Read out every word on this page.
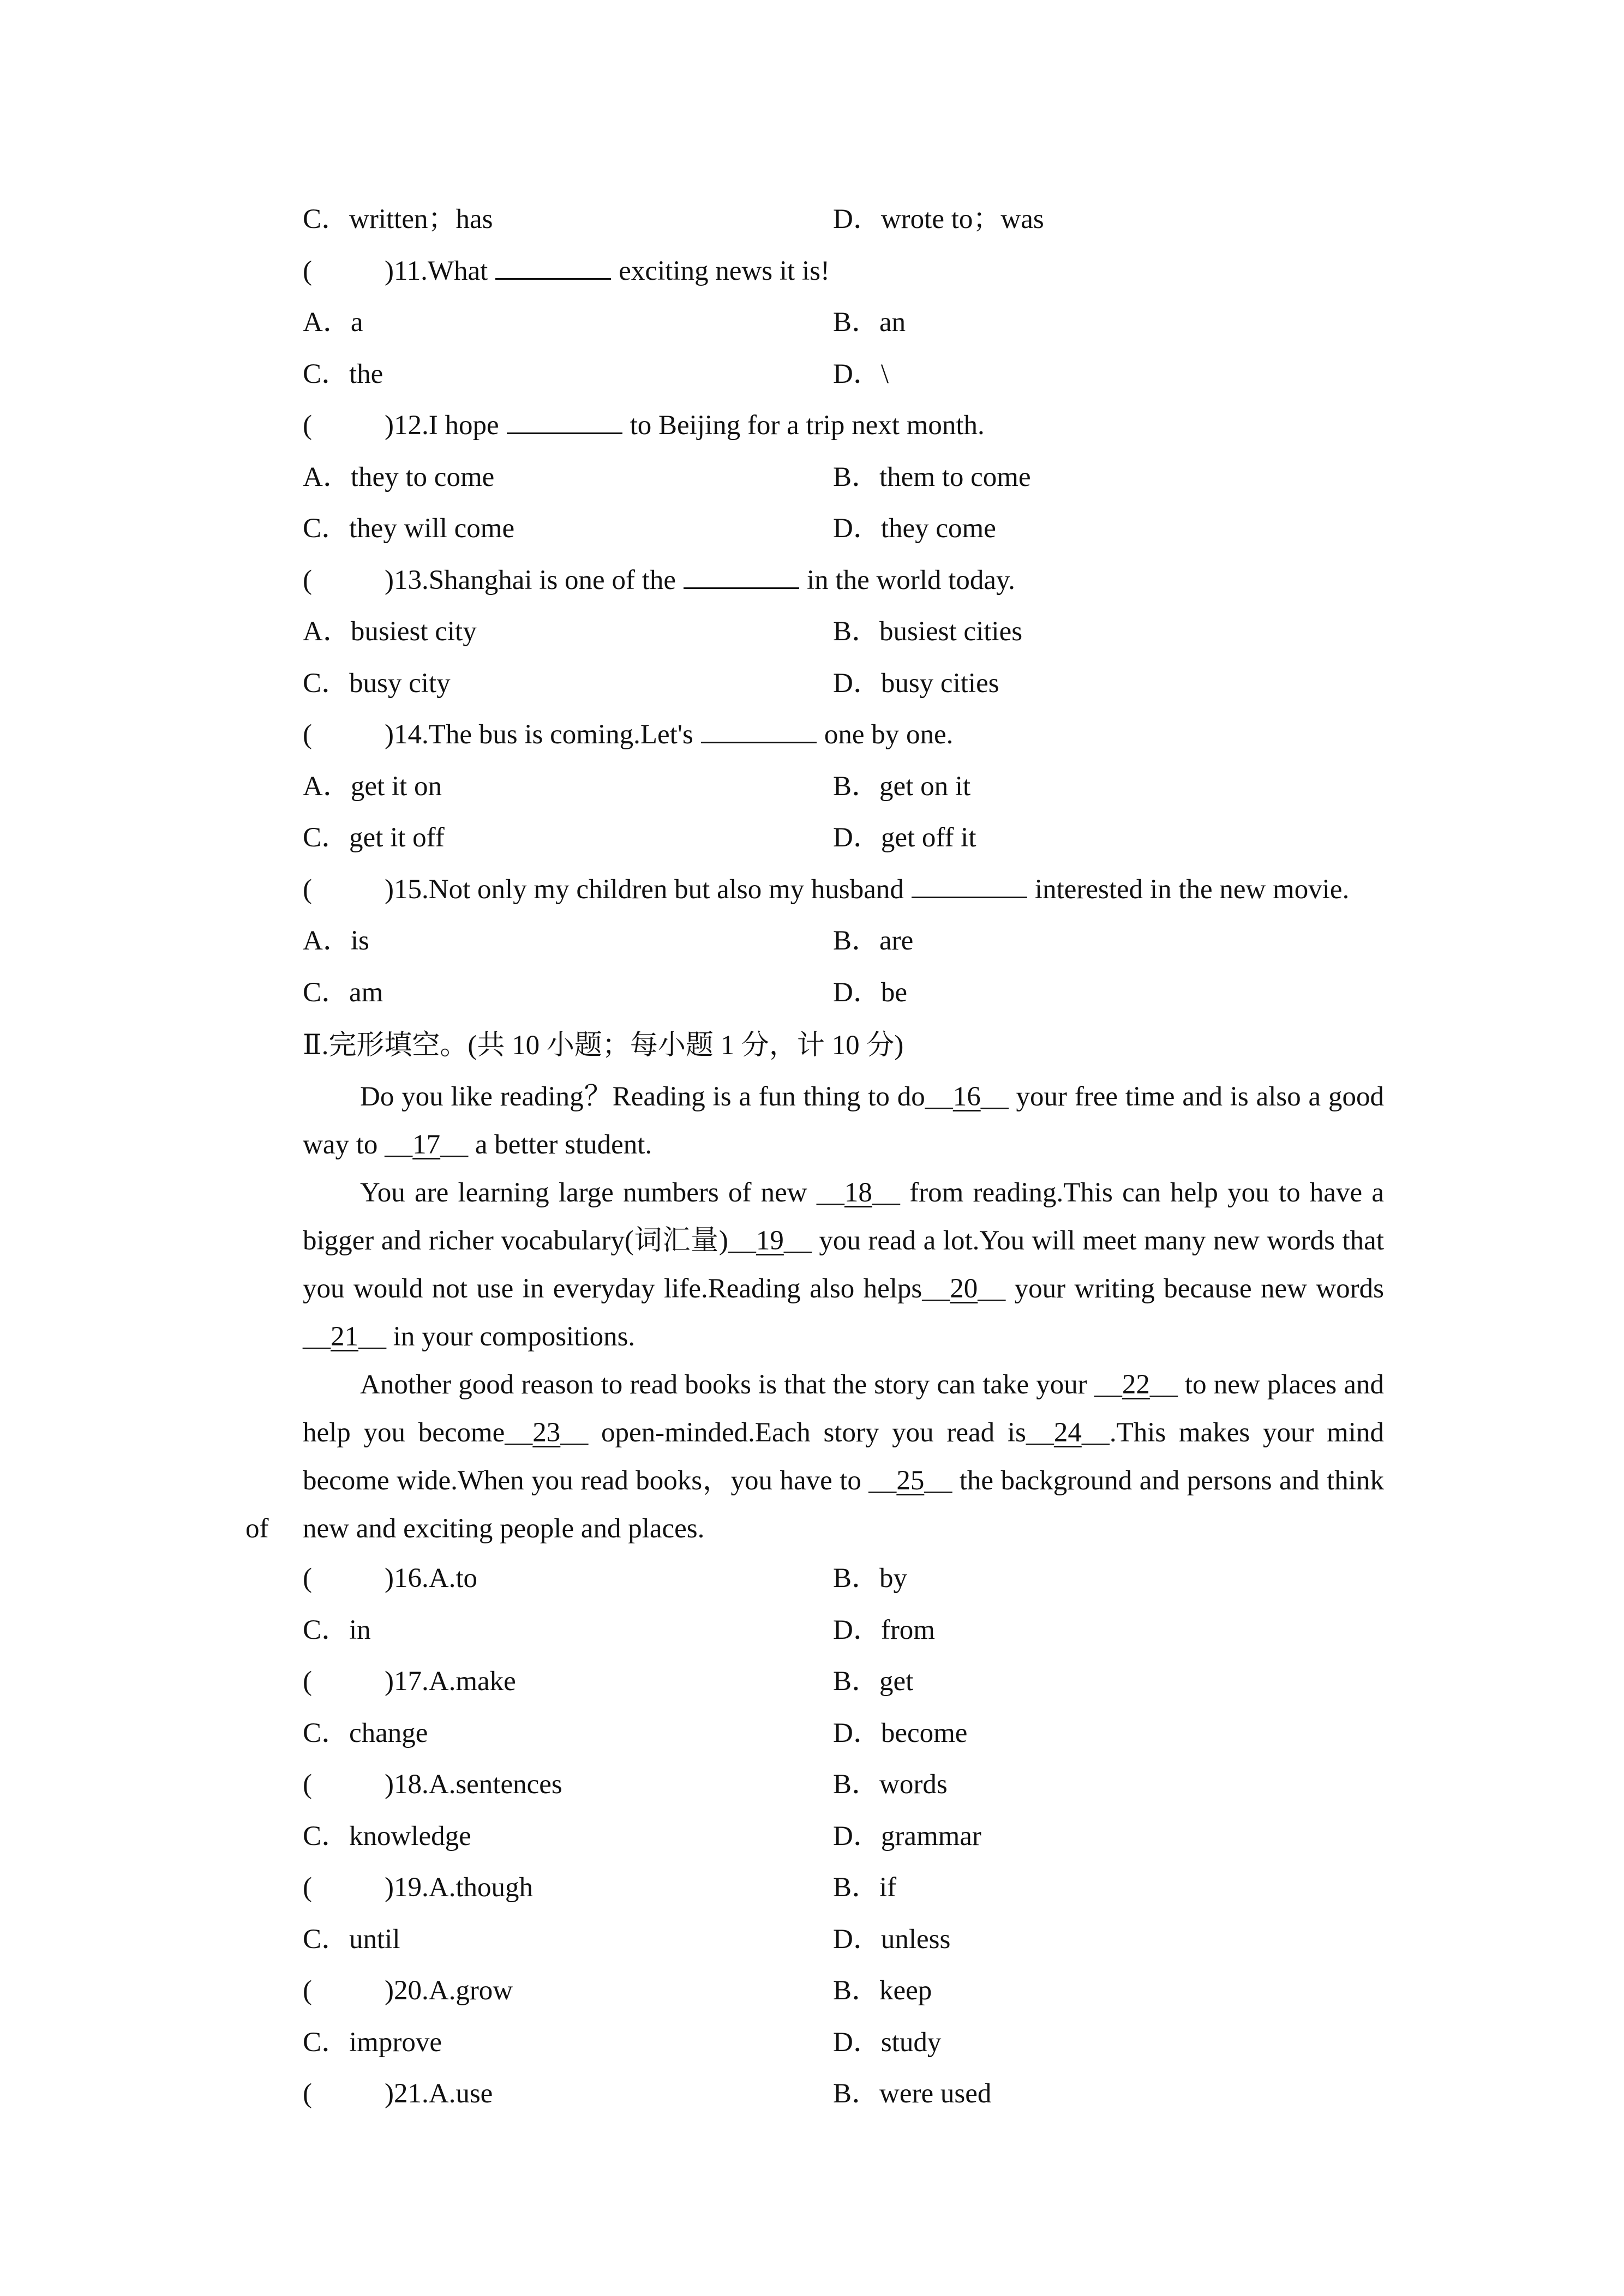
C．written；has	D．wrote to；was
(	)11.What	exciting news it is!
A．a	B．an
C．the	D．\
(	)12.I hope	to Beijing for a trip next month.
A．they to come	B．them to come
C．they will come	D．they come
(	)13.Shanghai is one of the	in the world today.
A．busiest city	B．busiest cities
C．busy city	D．busy cities
(	)14.The bus is coming.Let's	one by one.
A．get it on	B．get on it
C．get it off	D．get off it
(	)15.Not only my children but also my husband	interested in the new movie.
A．is	B．are
C．am	D．be
Ⅱ.完形填空。(共 10 小题；每小题 1 分，计 10 分)
Do you like reading？Reading is a fun thing to do__16__ your free time and is also a good
way to __17__ a better student.
You are learning large numbers of new __18__ from reading.This can help you to have a
bigger and richer vocabulary(词汇量)__19__ you read a lot.You will meet many new words that
you would not use in everyday life.Reading also helps__20__ your writing because new words
__21__ in your compositions.
Another good reason to read books is that the story can take your __22__ to new places and
help you become__23__ open-minded.Each story you read is__24__.This makes your mind
become wide.When you read books，you have to __25__ the background and persons and think of	new and exciting people and places.
(	)16.A.to	B．by
C．in	D．from
(	)17.A.make	B．get
C．change	D．become
(	)18.A.sentences	B．words
C．knowledge	D．grammar
(	)19.A.though	B．if
C．until	D．unless
(	)20.A.grow	B．keep
C．improve	D．study
(	)21.A.use	B．were used
